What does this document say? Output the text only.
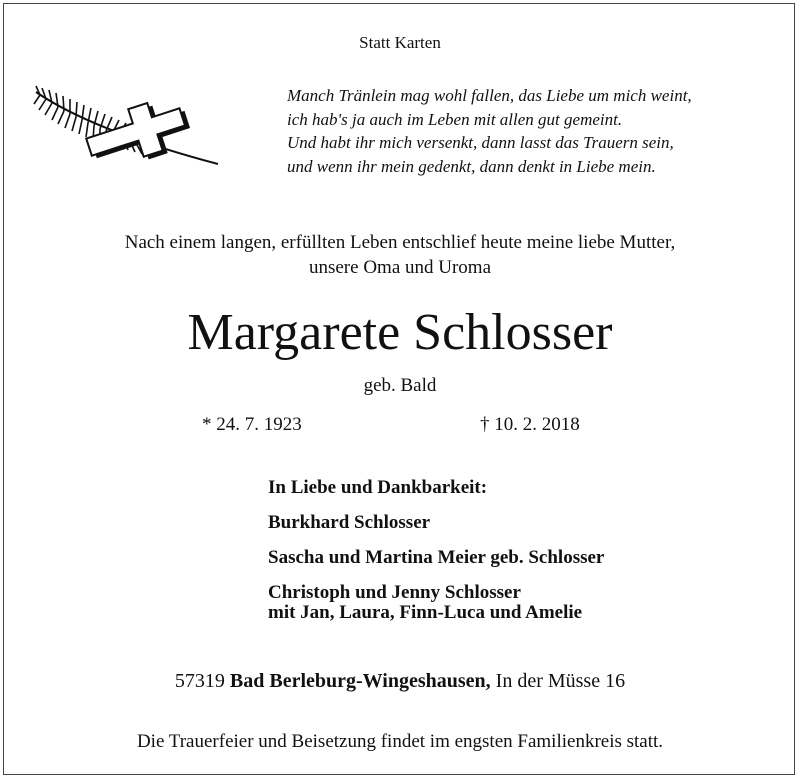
Statt Karten
Manch Tränlein mag wohl fallen, das Liebe um mich weint,
ich hab's ja auch im Leben mit allen gut gemeint.
Und habt ihr mich versenkt, dann lasst das Trauern sein,
und wenn ihr mein gedenkt, dann denkt in Liebe mein.
Nach einem langen, erfüllten Leben entschlief heute meine liebe Mutter,
unsere Oma und Uroma
Margarete Schlosser
geb. Bald
* 24. 7. 1923	† 10. 2. 2018
In Liebe und Dankbarkeit:
Burkhard Schlosser
Sascha und Martina Meier geb. Schlosser
Christoph und Jenny Schlosser
mit Jan, Laura, Finn-Luca und Amelie
57319 Bad Berleburg-Wingeshausen, In der Müsse 16
Die Trauerfeier und Beisetzung findet im engsten Familienkreis statt.
